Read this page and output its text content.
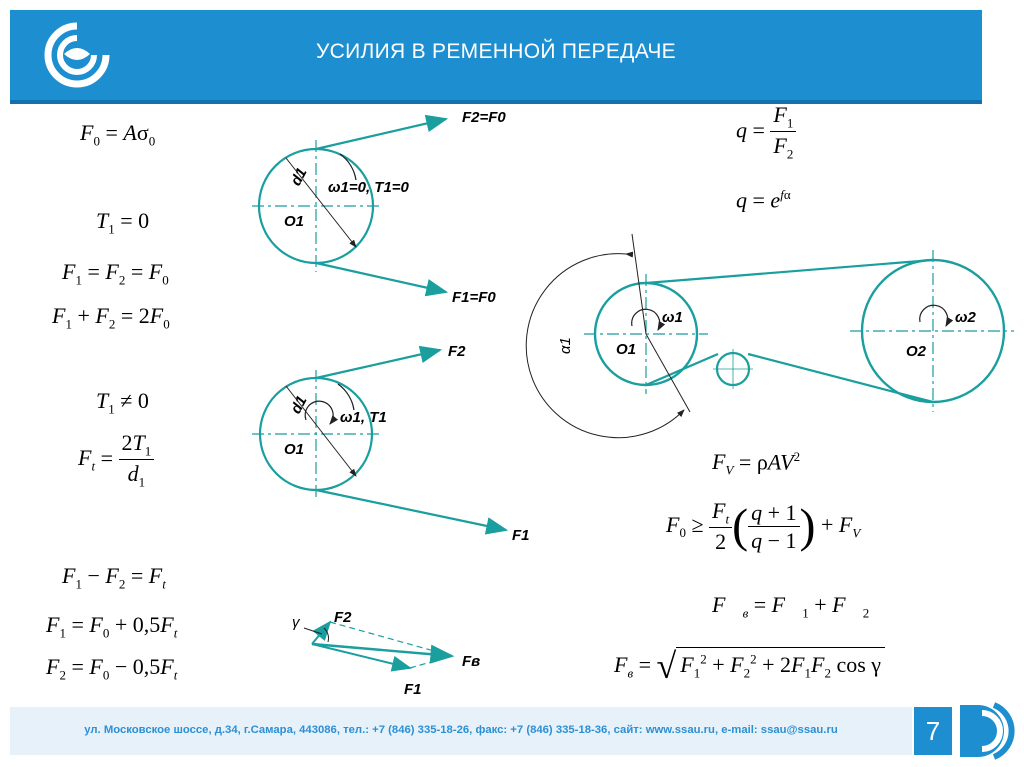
УСИЛИЯ В РЕМЕННОЙ ПЕРЕДАЧЕ
$F_0 = A\sigma_0$
$T_1 = 0$
$F_1 = F_2 = F_0$
$F_1 + F_2 = 2F_0$
$T_1 \ne 0$
$F_t = \frac{2T_1}{d_1}$
$F_1 - F_2 = F_t$
$F_1 = F_0 + 0,5F_t$
$F_2 = F_0 - 0,5F_t$
$q = \frac{F_1}{F_2}$
$q = e^{f\alpha}$
$F_V = \rho AV^2$
$F_0 \ge \frac{F_t}{2}$ ( $\frac{q + 1}{q - 1}$ ) + $F_V$
$F⃗_в$ = $F⃗_1$ + $F⃗_2$
$F_в$ = √ $F_1^2 + F_2^2 + 2F_1F_2$ cos γ
F2=F0
F1=F0
ω1=0, T1=0
d1
O1
F2
F1
ω1, T1
d1
O1
γ F2
Fв
F1
ω1
O1
ω2
O2
α1
ул. Московское шоссе, д.34, г.Самара, 443086, тел.: +7 (846) 335-18-26, факс: +7 (846) 335-18-36, сайт: www.ssau.ru, e-mail: ssau@ssau.ru	7
